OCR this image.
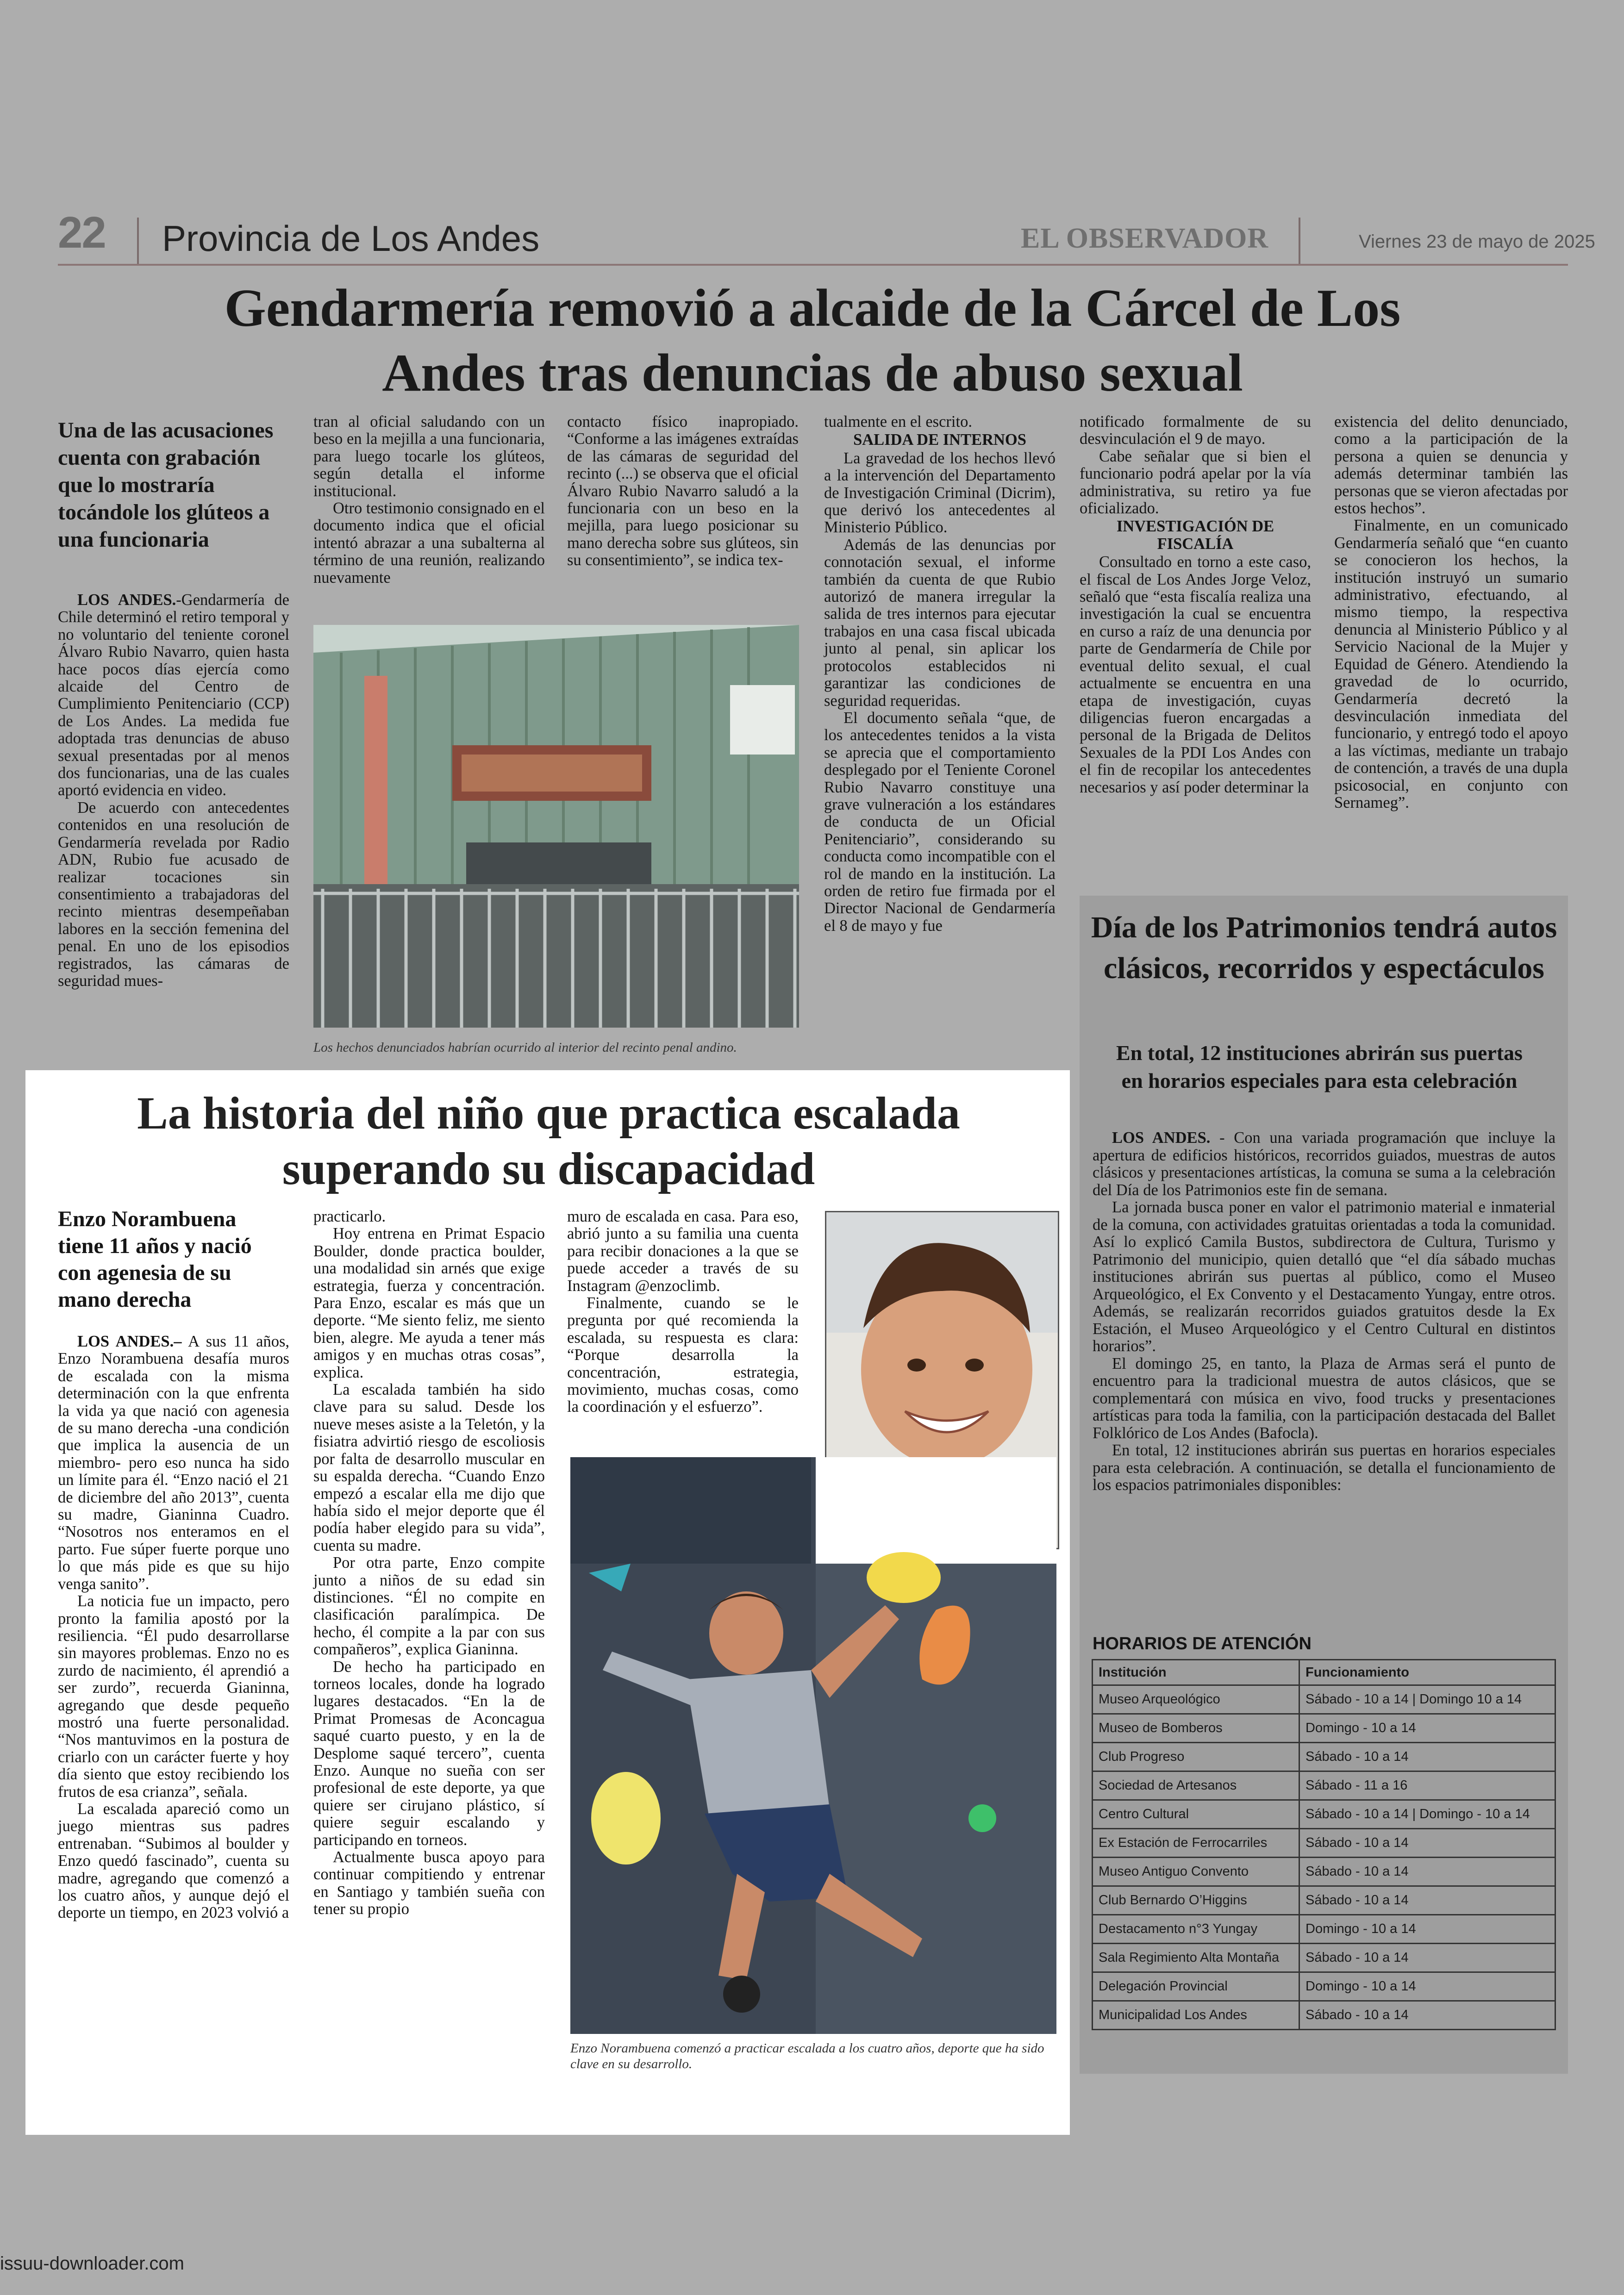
22 Provincia de Los Andes	EL OBSERVADOR	Viernes 23 de mayo de 2025
Gendarmería removió a alcaide de la Cárcel de Los Andes tras denuncias de abuso sexual
Una de las acusaciones cuenta con grabación que lo mostraría tocándole los glúteos a una funcionaria

LOS ANDES.-Gendarmería de Chile determinó el retiro temporal y no voluntario del teniente coronel Álvaro Rubio Navarro, quien hasta hace pocos días ejercía como alcaide del Centro de Cumplimiento Penitenciario (CCP) de Los Andes. La medida fue adoptada tras denuncias de abuso sexual presentadas por al menos dos funcionarias, una de las cuales aportó evidencia en video.

De acuerdo con antecedentes contenidos en una resolución de Gendarmería revelada por Radio ADN, Rubio fue acusado de realizar tocaciones sin consentimiento a trabajadoras del recinto mientras desempeñaban labores en la sección femenina del penal. En uno de los episodios registrados, las cámaras de seguridad mues-

tran al oficial saludando con un beso en la mejilla a una funcionaria, para luego tocarle los glúteos, según detalla el informe institucional.

Otro testimonio consignado en el documento indica que el oficial intentó abrazar a una subalterna al término de una reunión, realizando nuevamente

contacto físico inapropiado. “Conforme a las imágenes extraídas de las cámaras de seguridad del recinto (...) se observa que el oficial Álvaro Rubio Navarro saludó a la funcionaria con un beso en la mejilla, para luego posicionar su mano derecha sobre sus glúteos, sin su consentimiento”, se indica tex-

Los hechos denunciados habrían ocurrido al interior del recinto penal andino.

tualmente en el escrito.

SALIDA DE INTERNOS

La gravedad de los hechos llevó a la intervención del Departamento de Investigación Criminal (Dicrim), que derivó los antecedentes al Ministerio Público.

Además de las denuncias por connotación sexual, el informe también da cuenta de que Rubio autorizó de manera irregular la salida de tres internos para ejecutar trabajos en una casa fiscal ubicada junto al penal, sin aplicar los protocolos establecidos ni garantizar las condiciones de seguridad requeridas.

El documento señala “que, de los antecedentes tenidos a la vista se aprecia que el comportamiento desplegado por el Teniente Coronel Rubio Navarro constituye una grave vulneración a los estándares de conducta de un Oficial Penitenciario”, considerando su conducta como incompatible con el rol de mando en la institución. La orden de retiro fue firmada por el Director Nacional de Gendarmería el 8 de mayo y fue

notificado formalmente de su desvinculación el 9 de mayo.

Cabe señalar que si bien el funcionario podrá apelar por la vía administrativa, su retiro ya fue oficializado.

INVESTIGACIÓN DE FISCALÍA

Consultado en torno a este caso, el fiscal de Los Andes Jorge Veloz, señaló que “esta fiscalía realiza una investigación la cual se encuentra en curso a raíz de una denuncia por parte de Gendarmería de Chile por eventual delito sexual, el cual actualmente se encuentra en una etapa de investigación, cuyas diligencias fueron encargadas a personal de la Brigada de Delitos Sexuales de la PDI Los Andes con el fin de recopilar los antecedentes necesarios y así poder determinar la

existencia del delito denunciado, como a la participación de la persona a quien se denuncia y además determinar también las personas que se vieron afectadas por estos hechos”.

Finalmente, en un comunicado Gendarmería señaló que “en cuanto se conocieron los hechos, la institución instruyó un sumario administrativo, efectuando, al mismo tiempo, la respectiva denuncia al Ministerio Público y al Servicio Nacional de la Mujer y Equidad de Género. Atendiendo la gravedad de lo ocurrido, Gendarmería decretó la desvinculación inmediata del funcionario, y entregó todo el apoyo a las víctimas, mediante un trabajo de contención, a través de una dupla psicosocial, en conjunto con Sernameg”.

La historia del niño que practica escalada superando su discapacidad
Enzo Norambuena tiene 11 años y nació con agenesia de su mano derecha

LOS ANDES.– A sus 11 años, Enzo Norambuena desafía muros de escalada con la misma determinación con la que enfrenta la vida ya que nació con agenesia de su mano derecha -una condición que implica la ausencia de un miembro- pero eso nunca ha sido un límite para él. “Enzo nació el 21 de diciembre del año 2013”, cuenta su madre, Gianinna Cuadro. “Nosotros nos enteramos en el parto. Fue súper fuerte porque uno lo que más pide es que su hijo venga sanito”.

La noticia fue un impacto, pero pronto la familia apostó por la resiliencia. “Él pudo desarrollarse sin mayores problemas. Enzo no es zurdo de nacimiento, él aprendió a ser zurdo”, recuerda Gianinna, agregando que desde pequeño mostró una fuerte personalidad. “Nos mantuvimos en la postura de criarlo con un carácter fuerte y hoy día siento que estoy recibiendo los frutos de esa crianza”, señala.

La escalada apareció como un juego mientras sus padres entrenaban. “Subimos al boulder y Enzo quedó fascinado”, cuenta su madre, agregando que comenzó a los cuatro años, y aunque dejó el deporte un tiempo, en 2023 volvió a

practicarlo.

Hoy entrena en Primat Espacio Boulder, donde practica boulder, una modalidad sin arnés que exige estrategia, fuerza y concentración. Para Enzo, escalar es más que un deporte. “Me siento feliz, me siento bien, alegre. Me ayuda a tener más amigos y en muchas otras cosas”, explica.

La escalada también ha sido clave para su salud. Desde los nueve meses asiste a la Teletón, y la fisiatra advirtió riesgo de escoliosis por falta de desarrollo muscular en su espalda derecha. “Cuando Enzo empezó a escalar ella me dijo que había sido el mejor deporte que él podía haber elegido para su vida”, cuenta su madre.

Por otra parte, Enzo compite junto a niños de su edad sin distinciones. “Él no compite en clasificación paralímpica. De hecho, él compite a la par con sus compañeros”, explica Gianinna.

De hecho ha participado en torneos locales, donde ha logrado lugares destacados. “En la de Primat Promesas de Aconcagua saqué cuarto puesto, y en la de Desplome saqué tercero”, cuenta Enzo. Aunque no sueña con ser profesional de este deporte, ya que quiere ser cirujano plástico, sí quiere seguir escalando y participando en torneos.

Actualmente busca apoyo para continuar compitiendo y entrenar en Santiago y también sueña con tener su propio

muro de escalada en casa. Para eso, abrió junto a su familia una cuenta para recibir donaciones a la que se puede acceder a través de su Instagram @enzoclimb.

Finalmente, cuando se le pregunta por qué recomienda la escalada, su respuesta es clara: “Porque desarrolla la concentración, estrategia, movimiento, muchas cosas, como la coordinación y el esfuerzo”.

Enzo Norambuena comenzó a practicar escalada a los cuatro años, deporte que ha sido clave en su desarrollo.
Día de los Patrimonios tendrá autos clásicos, recorridos y espectáculos
En total, 12 instituciones abrirán sus puertas en horarios especiales para esta celebración

LOS ANDES. - Con una variada programación que incluye la apertura de edificios históricos, recorridos guiados, muestras de autos clásicos y presentaciones artísticas, la comuna se suma a la celebración del Día de los Patrimonios este fin de semana.

La jornada busca poner en valor el patrimonio material e inmaterial de la comuna, con actividades gratuitas orientadas a toda la comunidad. Así lo explicó Camila Bustos, subdirectora de Cultura, Turismo y Patrimonio del municipio, quien detalló que “el día sábado muchas instituciones abrirán sus puertas al público, como el Museo Arqueológico, el Ex Convento y el Destacamento Yungay, entre otros. Además, se realizarán recorridos guiados gratuitos desde la Ex Estación, el Museo Arqueológico y el Centro Cultural en distintos horarios”.

El domingo 25, en tanto, la Plaza de Armas será el punto de encuentro para la tradicional muestra de autos clásicos, que se complementará con música en vivo, food trucks y presentaciones artísticas para toda la familia, con la participación destacada del Ballet Folklórico de Los Andes (Bafocla).

En total, 12 instituciones abrirán sus puertas en horarios especiales para esta celebración. A continuación, se detalla el funcionamiento de los espacios patrimoniales disponibles:

HORARIOS DE ATENCIÓN
Institución	Funcionamiento
Museo Arqueológico	Sábado - 10 a 14 | Domingo 10 a 14
Museo de Bomberos	Domingo - 10 a 14
Club Progreso	Sábado - 10 a 14
Sociedad de Artesanos	Sábado - 11 a 16
Centro Cultural	Sábado - 10 a 14 | Domingo - 10 a 14
Ex Estación de Ferrocarriles	Sábado - 10 a 14
Museo Antiguo Convento	Sábado - 10 a 14
Club Bernardo O’Higgins	Sábado - 10 a 14
Destacamento n°3 Yungay	Domingo - 10 a 14
Sala Regimiento Alta Montaña	Sábado - 10 a 14
Delegación Provincial	Domingo - 10 a 14
Municipalidad Los Andes	Sábado - 10 a 14
issuu-downloader.com
